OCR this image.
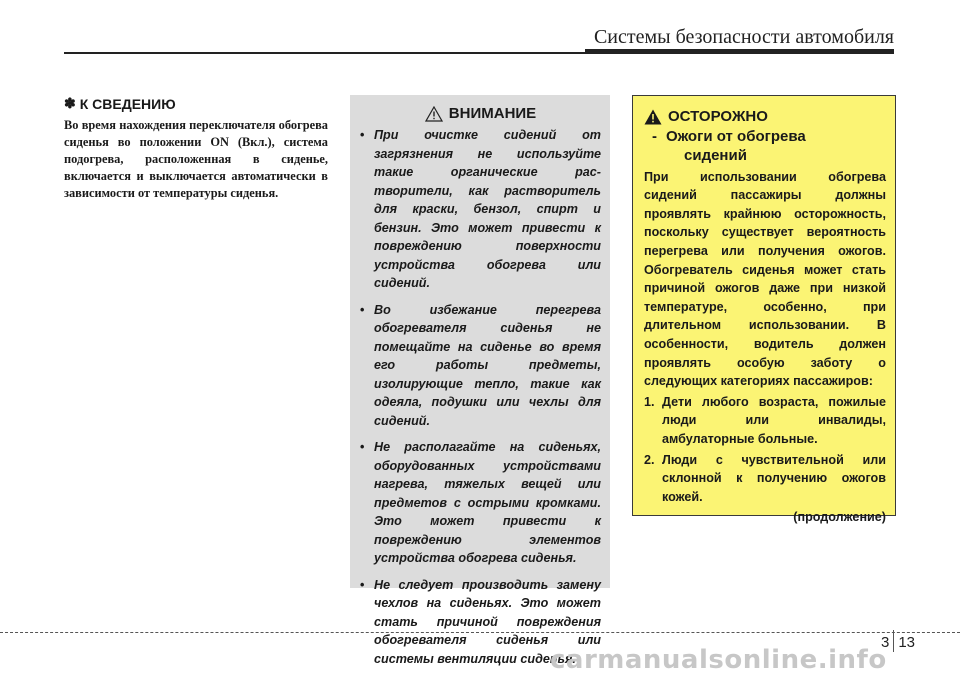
Системы безопасности автомобиля
✽ К СВЕДЕНИЮ

Во время нахождения переключателя обогрева сиденья во положении ON (Вкл.), система подогрева, расположенная в сиденье, включается и выключается автоматически в зависимости от температуры сиденья.

ВНИМАНИЕ
• При очистке сидений от загрязнения не используйте такие органические рас-творители, как растворитель для краски, бензол, спирт и бензин. Это может привести к повреждению поверхности устройства обогрева или сидений.
• Во избежание перегрева обогревателя сиденья не помещайте на сиденье во время его работы предметы, изолирующие тепло, такие как одеяла, подушки или чехлы для сидений.
• Не располагайте на сиденьях, оборудованных устройствами нагрева, тяжелых вещей или предметов с острыми кромками. Это может привести к повреждению элементов устройства обогрева сиденья.
• Не следует производить замену чехлов на сиденьях. Это может стать причиной повреждения обогревателя сиденья или системы вентиляции сиденья.
ОСТОРОЖНО
- Ожоги от обогрева
сидений

При использовании обогрева сидений пассажиры должны проявлять крайнюю осторожность, поскольку существует вероятность перегрева или получения ожогов. Обогреватель сиденья может стать причиной ожогов даже при низкой температуре, особенно, при длительном использовании. В особенности, водитель должен проявлять особую заботу о следующих категориях пассажиров:

1. Дети любого возраста, пожилые люди или инвалиды, амбулаторные больные.
2. Люди с чувствительной или склонной к получению ожогов кожей.
(продолжение)
3 13
carmanualsonline.info
